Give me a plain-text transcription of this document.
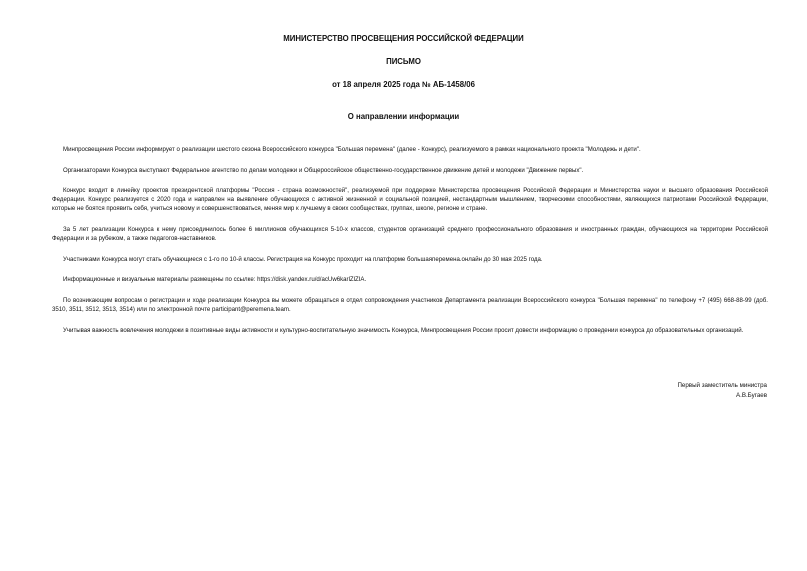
МИНИСТЕРСТВО ПРОСВЕЩЕНИЯ РОССИЙСКОЙ ФЕДЕРАЦИИ
ПИСЬМО
от 18 апреля 2025 года № АБ-1458/06
О направлении информации

Минпросвещения России информирует о реализации шестого сезона Всероссийского конкурса "Большая перемена" (далее - Конкурс), реализуемого в рамках национального проекта "Молодежь и дети".

Организаторами Конкурса выступают Федеральное агентство по делам молодежи и Общероссийское общественно-государственное движение детей и молодежи "Движение первых".

Конкурс входит в линейку проектов президентской платформы "Россия - страна возможностей", реализуемой при поддержке Министерства просвещения Российской Федерации и Министерства науки и высшего образования Российской Федерации. Конкурс реализуется с 2020 года и направлен на выявление обучающихся с активной жизненной и социальной позицией, нестандартным мышлением, творческими способностями, являющихся патриотами Российской Федерации, которые не боятся проявить себя, учиться новому и совершенствоваться, меняя мир к лучшему в своих сообществах, группах, школе, регионе и стране.

За 5 лет реализации Конкурса к нему присоединилось более 6 миллионов обучающихся 5-10-х классов, студентов организаций среднего профессионального образования и иностранных граждан, обучающихся на территории Российской Федерации и за рубежом, а также педагогов-наставников.

Участниками Конкурса могут стать обучающиеся с 1-го по 10-й классы. Регистрация на Конкурс проходит на платформе большаяперемена.онлайн до 30 мая 2025 года.

Информационные и визуальные материалы размещены по ссылке: https://disk.yandex.ru/d/acUw6karlZlZIA.

По возникающим вопросам о регистрации и ходе реализации Конкурса вы можете обращаться в отдел сопровождения участников Департамента реализации Всероссийского конкурса "Большая перемена" по телефону +7 (495) 668-88-99 (доб. 3510, 3511, 3512, 3513, 3514) или по электронной почте participant@peremena.team.

Учитывая важность вовлечения молодежи в позитивные виды активности и культурно-воспитательную значимость Конкурса, Минпросвещения России просит довести информацию о проведении конкурса до образовательных организаций.

Первый заместитель министра
А.В.Бугаев
